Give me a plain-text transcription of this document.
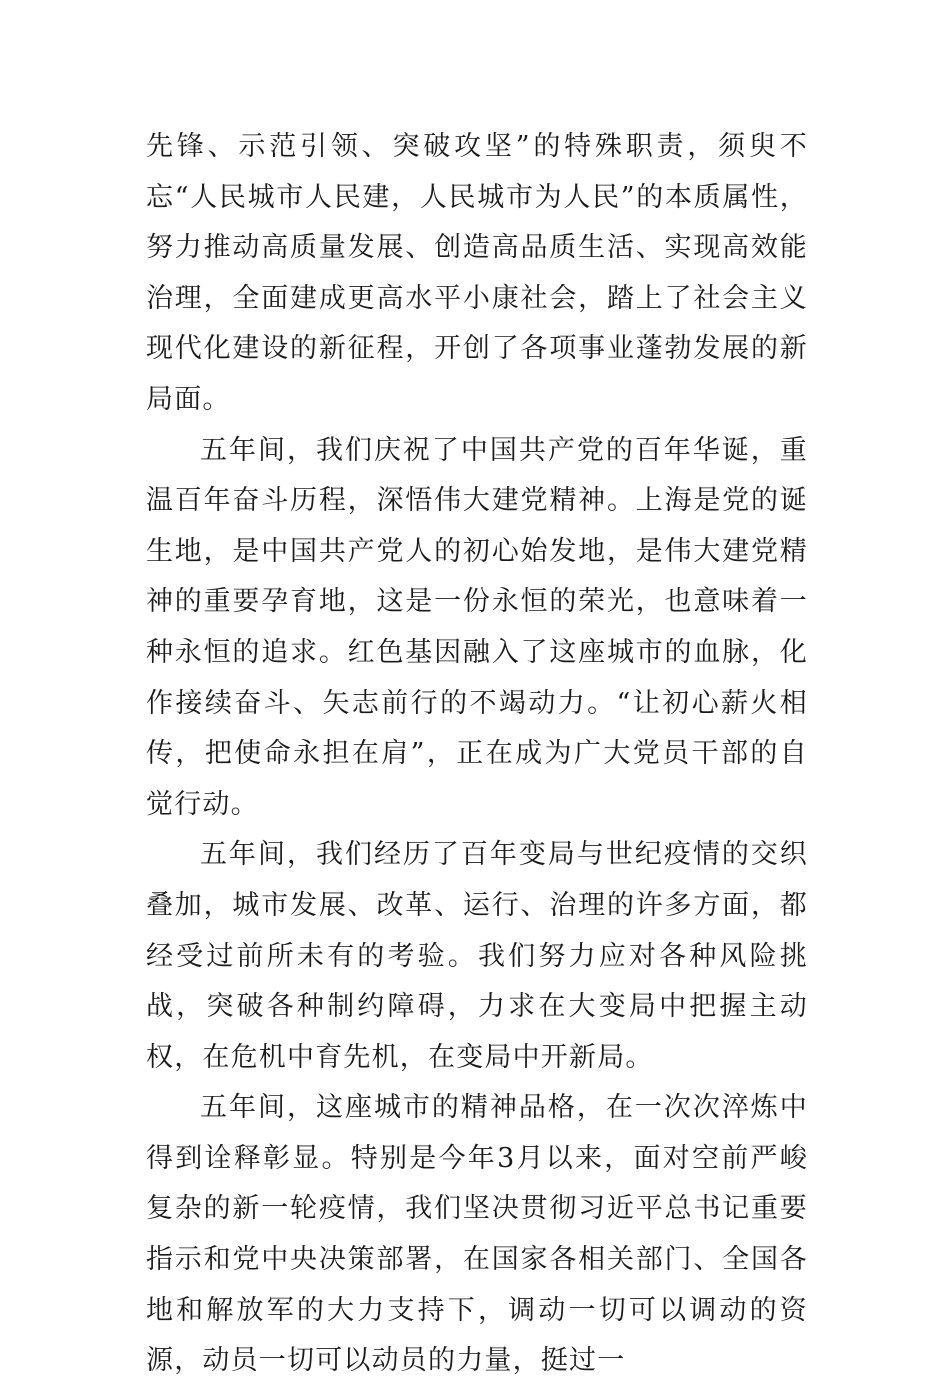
先锋、示范引领、突破攻坚”的特殊职责，须臾不忘“人民城市人民建，人民城市为人民”的本质属性，努力推动高质量发展、创造高品质生活、实现高效能治理，全面建成更高水平小康社会，踏上了社会主义现代化建设的新征程，开创了各项事业蓬勃发展的新局面。

五年间，我们庆祝了中国共产党的百年华诞，重温百年奋斗历程，深悟伟大建党精神。上海是党的诞生地，是中国共产党人的初心始发地，是伟大建党精神的重要孕育地，这是一份永恒的荣光，也意味着一种永恒的追求。红色基因融入了这座城市的血脉，化作接续奋斗、矢志前行的不竭动力。“让初心薪火相传，把使命永担在肩”，正在成为广大党员干部的自觉行动。

五年间，我们经历了百年变局与世纪疫情的交织叠加，城市发展、改革、运行、治理的许多方面，都经受过前所未有的考验。我们努力应对各种风险挑战，突破各种制约障碍，力求在大变局中把握主动权，在危机中育先机，在变局中开新局。

五年间，这座城市的精神品格，在一次次淬炼中得到诠释彰显。特别是今年3月以来，面对空前严峻复杂的新一轮疫情，我们坚决贯彻习近平总书记重要指示和党中央决策部署，在国家各相关部门、全国各地和解放军的大力支持下，调动一切可以调动的资源，动员一切可以动员的力量，挺过一
